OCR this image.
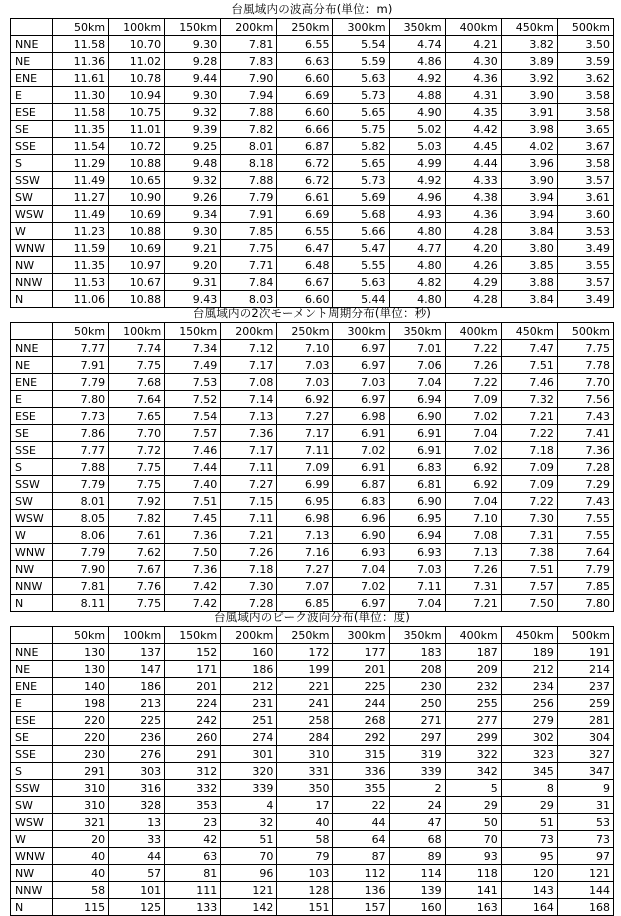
台風域内の波高分布(単位：m)
	50km	100km	150km	200km	250km	300km	350km	400km	450km	500km
NNE	11.58	10.70	9.30	7.81	6.55	5.54	4.74	4.21	3.82	3.50
NE	11.36	11.02	9.28	7.83	6.63	5.59	4.86	4.30	3.89	3.59
ENE	11.61	10.78	9.44	7.90	6.60	5.63	4.92	4.36	3.92	3.62
E	11.30	10.94	9.30	7.94	6.69	5.73	4.88	4.31	3.90	3.58
ESE	11.58	10.75	9.32	7.88	6.60	5.65	4.90	4.35	3.91	3.58
SE	11.35	11.01	9.39	7.82	6.66	5.75	5.02	4.42	3.98	3.65
SSE	11.54	10.72	9.25	8.01	6.87	5.82	5.03	4.45	4.02	3.67
S	11.29	10.88	9.48	8.18	6.72	5.65	4.99	4.44	3.96	3.58
SSW	11.49	10.65	9.32	7.88	6.72	5.73	4.92	4.33	3.90	3.57
SW	11.27	10.90	9.26	7.79	6.61	5.69	4.96	4.38	3.94	3.61
WSW	11.49	10.69	9.34	7.91	6.69	5.68	4.93	4.36	3.94	3.60
W	11.23	10.88	9.30	7.85	6.55	5.66	4.80	4.28	3.84	3.53
WNW	11.59	10.69	9.21	7.75	6.47	5.47	4.77	4.20	3.80	3.49
NW	11.35	10.97	9.20	7.71	6.48	5.55	4.80	4.26	3.85	3.55
NNW	11.53	10.67	9.31	7.84	6.67	5.63	4.82	4.29	3.88	3.57
N	11.06	10.88	9.43	8.03	6.60	5.44	4.80	4.28	3.84	3.49
台風域内の2次モーメント周期分布(単位：秒)
	50km	100km	150km	200km	250km	300km	350km	400km	450km	500km
NNE	7.77	7.74	7.34	7.12	7.10	6.97	7.01	7.22	7.47	7.75
NE	7.91	7.75	7.49	7.17	7.03	6.97	7.06	7.26	7.51	7.78
ENE	7.79	7.68	7.53	7.08	7.03	7.03	7.04	7.22	7.46	7.70
E	7.80	7.64	7.52	7.14	6.92	6.97	6.94	7.09	7.32	7.56
ESE	7.73	7.65	7.54	7.13	7.27	6.98	6.90	7.02	7.21	7.43
SE	7.86	7.70	7.57	7.36	7.17	6.91	6.91	7.04	7.22	7.41
SSE	7.77	7.72	7.46	7.17	7.11	7.02	6.91	7.02	7.18	7.36
S	7.88	7.75	7.44	7.11	7.09	6.91	6.83	6.92	7.09	7.28
SSW	7.79	7.75	7.40	7.27	6.99	6.87	6.81	6.92	7.09	7.29
SW	8.01	7.92	7.51	7.15	6.95	6.83	6.90	7.04	7.22	7.43
WSW	8.05	7.82	7.45	7.11	6.98	6.96	6.95	7.10	7.30	7.55
W	8.06	7.61	7.36	7.21	7.13	6.90	6.94	7.08	7.31	7.55
WNW	7.79	7.62	7.50	7.26	7.16	6.93	6.93	7.13	7.38	7.64
NW	7.90	7.67	7.36	7.18	7.27	7.04	7.03	7.26	7.51	7.79
NNW	7.81	7.76	7.42	7.30	7.07	7.02	7.11	7.31	7.57	7.85
N	8.11	7.75	7.42	7.28	6.85	6.97	7.04	7.21	7.50	7.80
台風域内のピーク波向分布(単位：度)
	50km	100km	150km	200km	250km	300km	350km	400km	450km	500km
NNE	130	137	152	160	172	177	183	187	189	191
NE	130	147	171	186	199	201	208	209	212	214
ENE	140	186	201	212	221	225	230	232	234	237
E	198	213	224	231	241	244	250	255	256	259
ESE	220	225	242	251	258	268	271	277	279	281
SE	220	236	260	274	284	292	297	299	302	304
SSE	230	276	291	301	310	315	319	322	323	327
S	291	303	312	320	331	336	339	342	345	347
SSW	310	316	332	339	350	355	2	5	8	9
SW	310	328	353	4	17	22	24	29	29	31
WSW	321	13	23	32	40	44	47	50	51	53
W	20	33	42	51	58	64	68	70	73	73
WNW	40	44	63	70	79	87	89	93	95	97
NW	40	57	81	96	103	112	114	118	120	121
NNW	58	101	111	121	128	136	139	141	143	144
N	115	125	133	142	151	157	160	163	164	168
